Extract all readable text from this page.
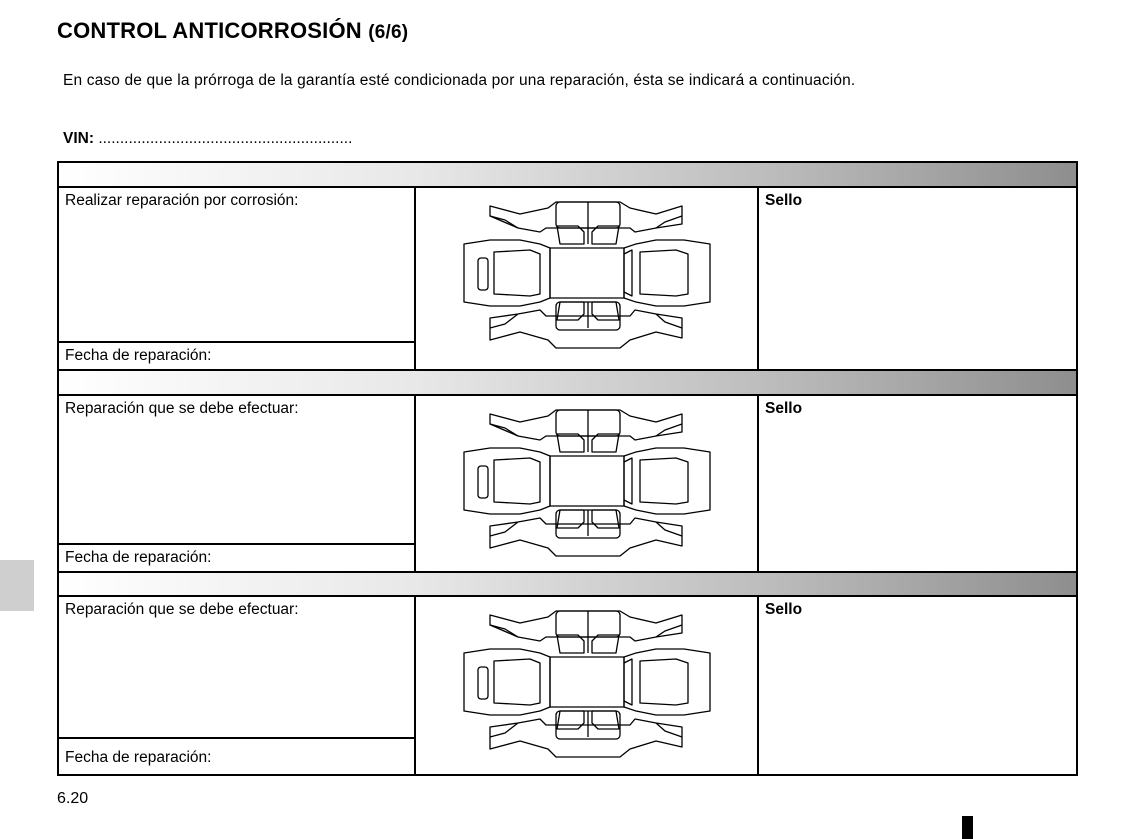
CONTROL ANTICORROSIÓN (6/6)
En caso de que la prórroga de la garantía esté condicionada por una reparación, ésta se indicará a continuación.
VIN: ...........................................................
Realizar reparación por corrosión:
Fecha de reparación:
Sello
Reparación que se debe efectuar:
Fecha de reparación:
Sello
Reparación que se debe efectuar:
Fecha de reparación:
Sello
6.20
